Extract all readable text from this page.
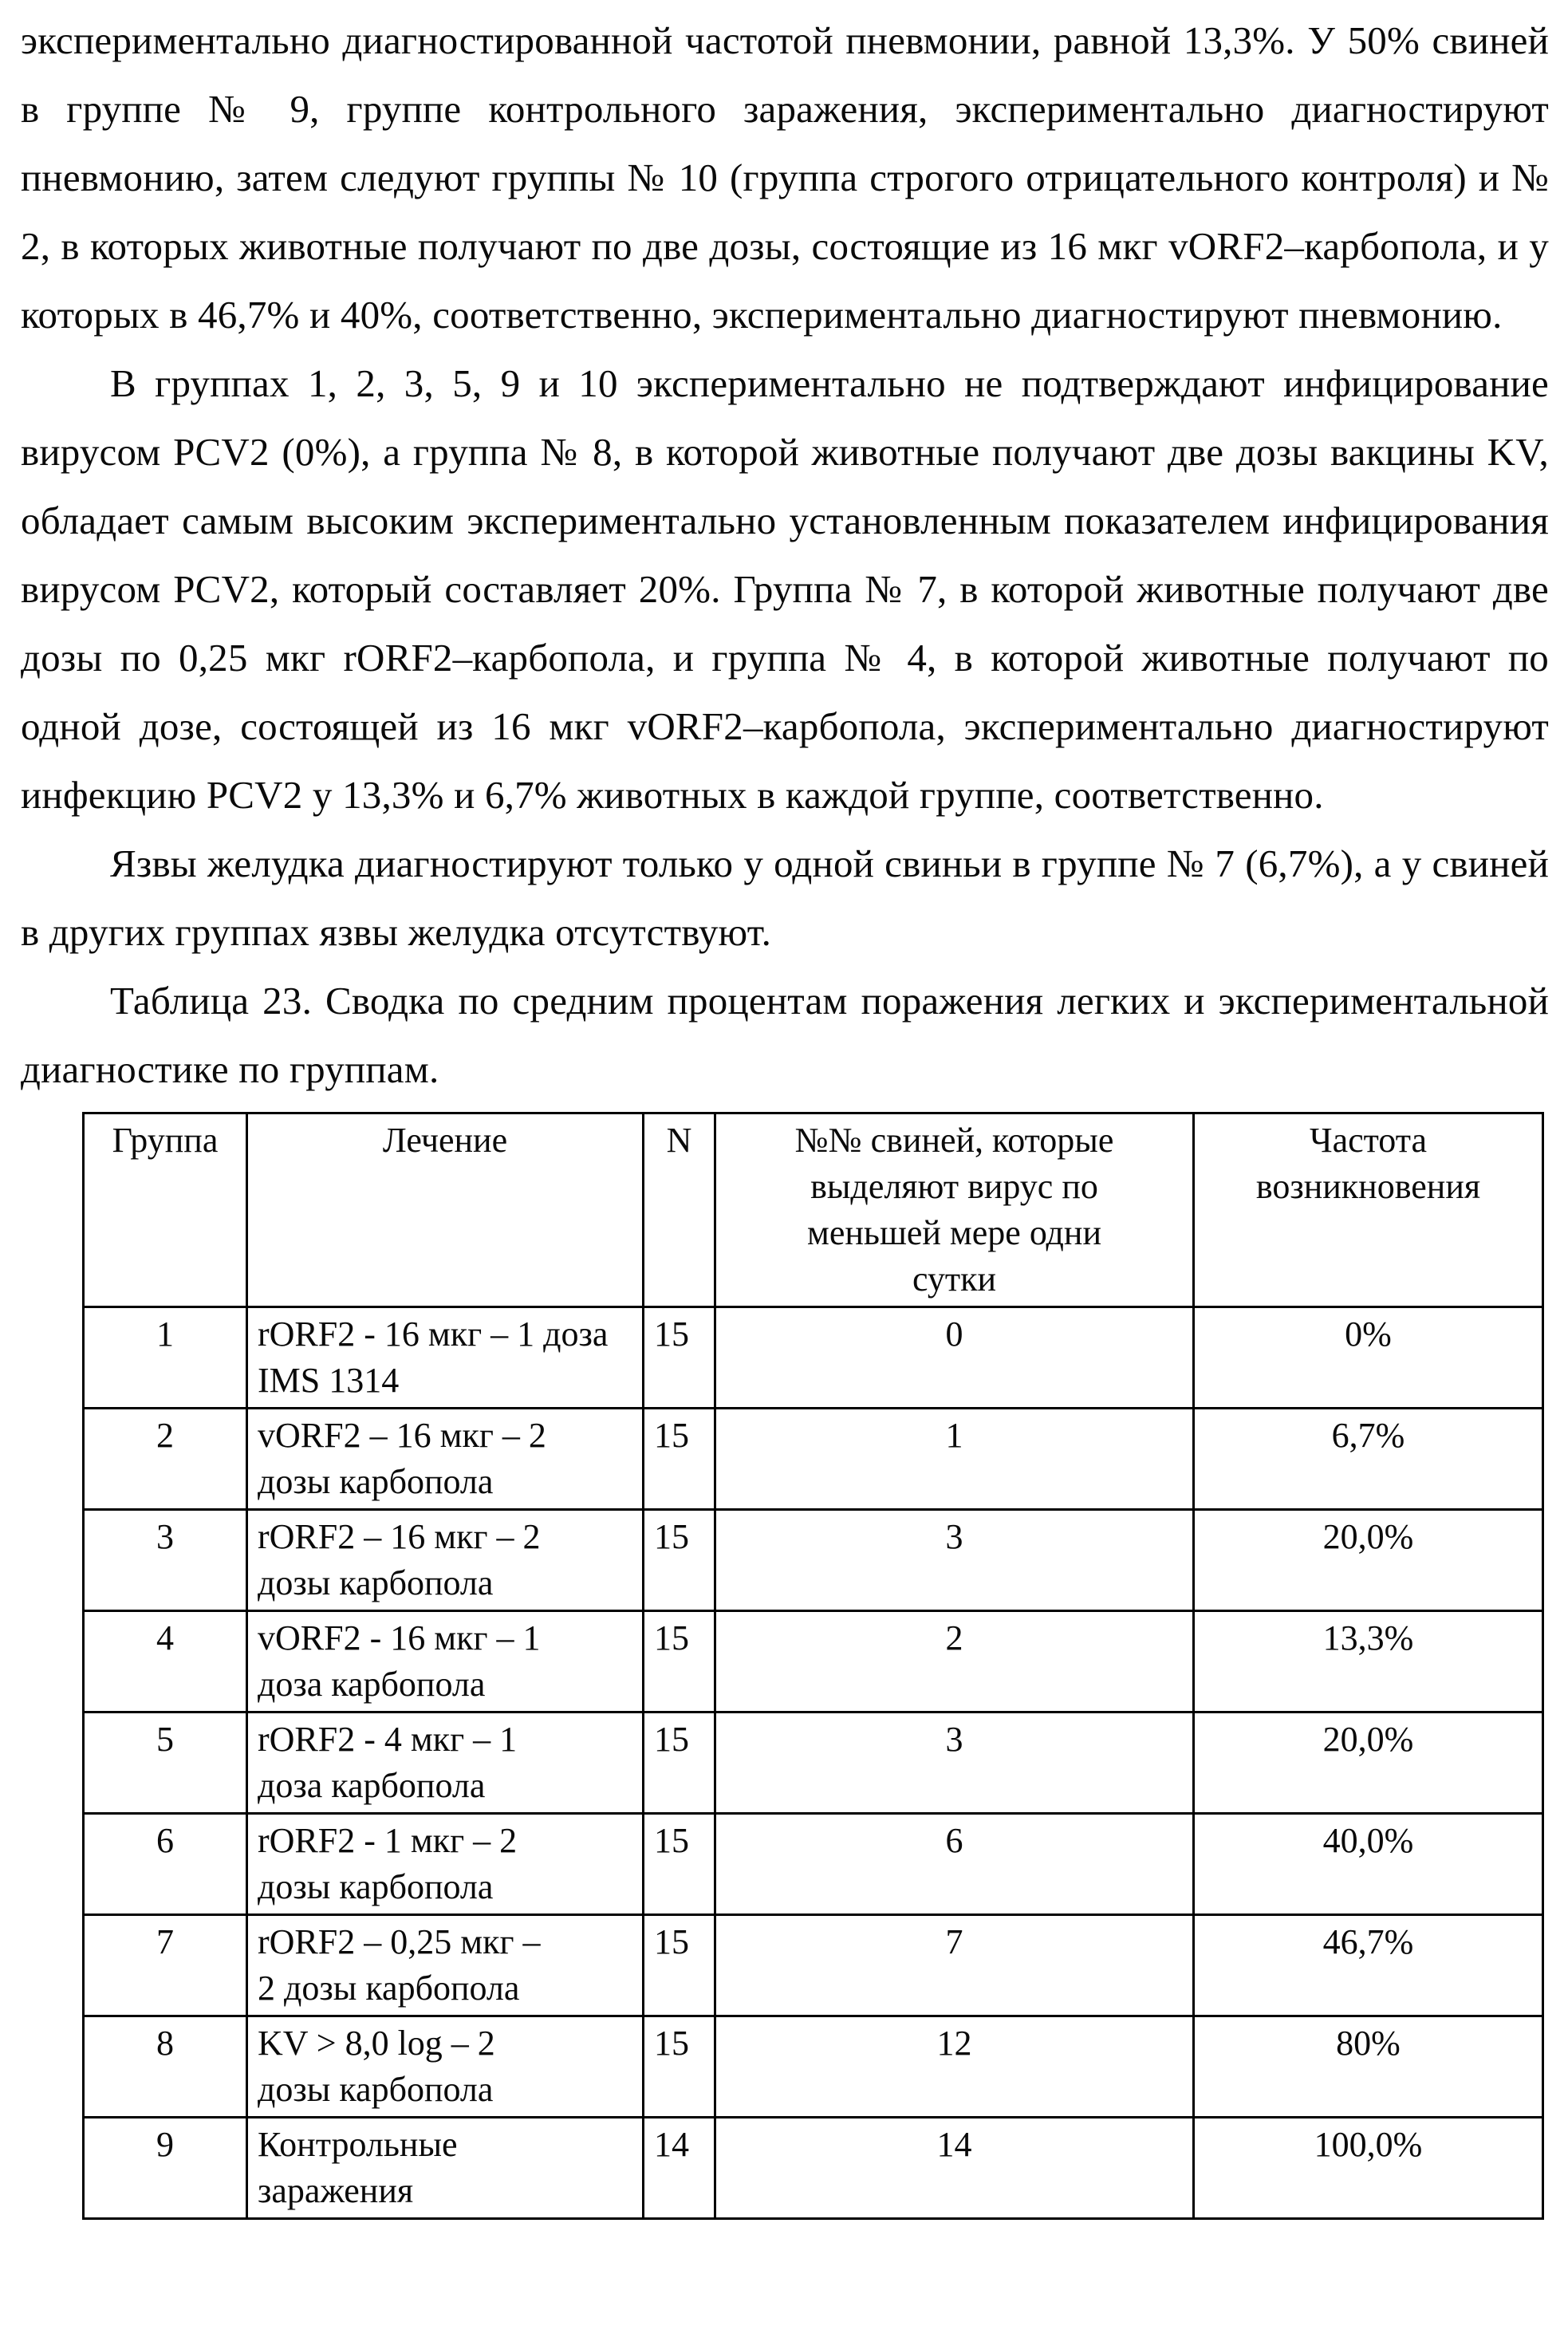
экспериментально диагностированной частотой пневмонии, равной 13,3%. У 50% свиней в группе № 9, группе контрольного заражения, экспериментально диагностируют пневмонию, затем следуют группы № 10 (группа строгого отрицательного контроля) и № 2, в которых животные получают по две дозы, состоящие из 16 мкг vORF2–карбопола, и у которых в 46,7% и 40%, соответственно, экспериментально диагностируют пневмонию.

В группах 1, 2, 3, 5, 9 и 10 экспериментально не подтверждают инфицирование вирусом PCV2 (0%), а группа № 8, в которой животные получают две дозы вакцины KV, обладает самым высоким экспериментально установленным показателем инфицирования вирусом PCV2, который составляет 20%. Группа № 7, в которой животные получают две дозы по 0,25 мкг rORF2–карбопола, и группа № 4, в которой животные получают по одной дозе, состоящей из 16 мкг vORF2–карбопола, экспериментально диагностируют инфекцию PCV2 у 13,3% и 6,7% животных в каждой группе, соответственно.

Язвы желудка диагностируют только у одной свиньи в группе № 7 (6,7%), а у свиней в других группах язвы желудка отсутствуют.

Таблица 23. Сводка по средним процентам поражения легких и экспериментальной диагностике по группам.

Группа	Лечение	N	№№ свиней, которые
выделяют вирус по
меньшей мере одни
сутки	Частота
возникновения
1	rORF2 - 16 мкг – 1 доза
IMS 1314	15	0	0%
2	vORF2 – 16 мкг – 2
дозы карбопола	15	1	6,7%
3	rORF2 – 16 мкг – 2
дозы карбопола	15	3	20,0%
4	vORF2 - 16 мкг – 1
доза карбопола	15	2	13,3%
5	rORF2 - 4 мкг – 1
доза карбопола	15	3	20,0%
6	rORF2 - 1 мкг – 2
дозы карбопола	15	6	40,0%
7	rORF2 – 0,25 мкг –
2 дозы карбопола	15	7	46,7%
8	KV > 8,0 log – 2
дозы карбопола	15	12	80%
9	Контрольные
заражения	14	14	100,0%
